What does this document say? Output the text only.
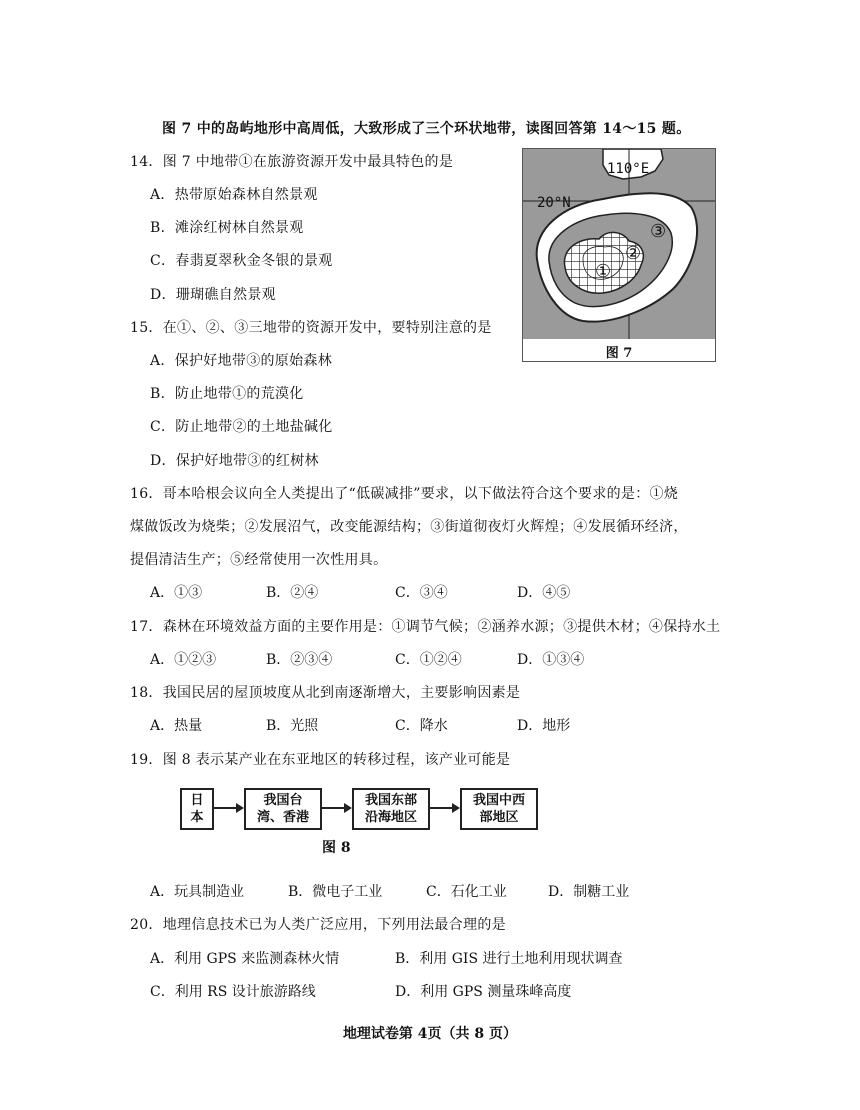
图 7 中的岛屿地形中高周低，大致形成了三个环状地带，读图回答第 14～15 题。
14．图 7 中地带①在旅游资源开发中最具特色的是
A．热带原始森林自然景观
B．滩涂红树林自然景观
C．春翡夏翠秋金冬银的景观
D．珊瑚礁自然景观
15．在①、②、③三地带的资源开发中，要特别注意的是
A．保护好地带③的原始森林
B．防止地带①的荒漠化
C．防止地带②的土地盐碱化
D．保护好地带③的红树林
110°E
20°N
③
②
①
图 7
16．哥本哈根会议向全人类提出了“低碳减排”要求，以下做法符合这个要求的是：①烧
煤做饭改为烧柴；②发展沼气，改变能源结构；③街道彻夜灯火辉煌；④发展循环经济，
提倡清洁生产；⑤经常使用一次性用具。
A．①③	B．②④	C．③④	D．④⑤
17．森林在环境效益方面的主要作用是：①调节气候；②涵养水源；③提供木材；④保持水土
A．①②③	B．②③④	C．①②④	D．①③④
18．我国民居的屋顶坡度从北到南逐渐增大，主要影响因素是
A．热量	B．光照	C．降水	D．地形
19．图 8 表示某产业在东亚地区的转移过程，该产业可能是
日
本
我国台
湾、香港
我国东部
沿海地区
我国中西
部地区
图 8
A．玩具制造业	B．微电子工业	C．石化工业	D．制糖工业
20．地理信息技术已为人类广泛应用，下列用法最合理的是
A．利用 GPS 来监测森林火情	B．利用 GIS 进行土地利用现状调查
C．利用 RS 设计旅游路线	D．利用 GPS 测量珠峰高度
地理试卷第 4页（共 8 页）
